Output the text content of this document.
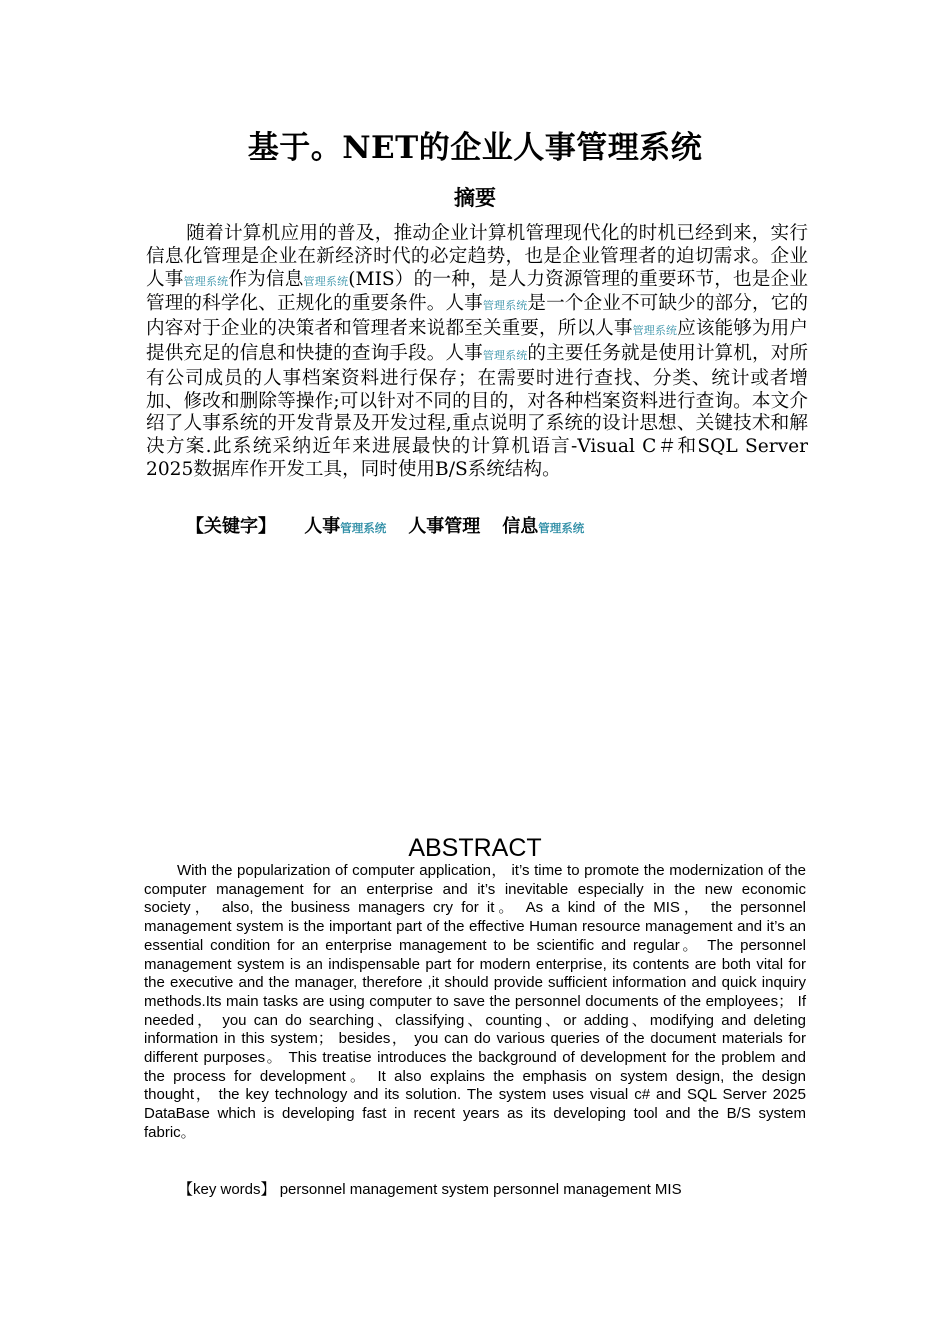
基于。NET的企业人事管理系统
摘要

随着计算机应用的普及，推动企业计算机管理现代化的时机已经到来，实行信息化管理是企业在新经济时代的必定趋势，也是企业管理者的迫切需求。企业人事管理系统作为信息管理系统(MIS）的一种，是人力资源管理的重要环节，也是企业管理的科学化、正规化的重要条件。人事管理系统是一个企业不可缺少的部分，它的内容对于企业的决策者和管理者来说都至关重要，所以人事管理系统应该能够为用户提供充足的信息和快捷的查询手段。人事管理系统的主要任务就是使用计算机，对所有公司成员的人事档案资料进行保存；在需要时进行查找、分类、统计或者增加、修改和删除等操作;可以针对不同的目的，对各种档案资料进行查询。本文介绍了人事系统的开发背景及开发过程,重点说明了系统的设计思想、关键技术和解决方案.此系统采纳近年来进展最快的计算机语言-Visual C＃和SQL Server 2025数据库作开发工具，同时使用B/S系统结构。

【关键字】 人事管理系统 人事管理 信息管理系统
ABSTRACT

With the popularization of computer application， it’s time to promote the modernization of the computer management for an enterprise and it’s inevitable especially in the new economic society， also, the business managers cry for it。 As a kind of the MIS， the personnel management system is the important part of the effective Human resource management and it’s an essential condition for an enterprise management to be scientific and regular。 The personnel management system is an indispensable part for modern enterprise, its contents are both vital for the executive and the manager, therefore ,it should provide sufficient information and quick inquiry methods.Its main tasks are using computer to save the personnel documents of the employees； If needed， you can do searching、classifying、counting、or adding、modifying and deleting information in this system； besides， you can do various queries of the document materials for different purposes。 This treatise introduces the background of development for the problem and the process for development。 It also explains the emphasis on system design, the design thought， the key technology and its solution. The system uses visual c# and SQL Server 2025 DataBase which is developing fast in recent years as its developing tool and the B/S system fabric。

【key words】 personnel management system personnel management MIS
